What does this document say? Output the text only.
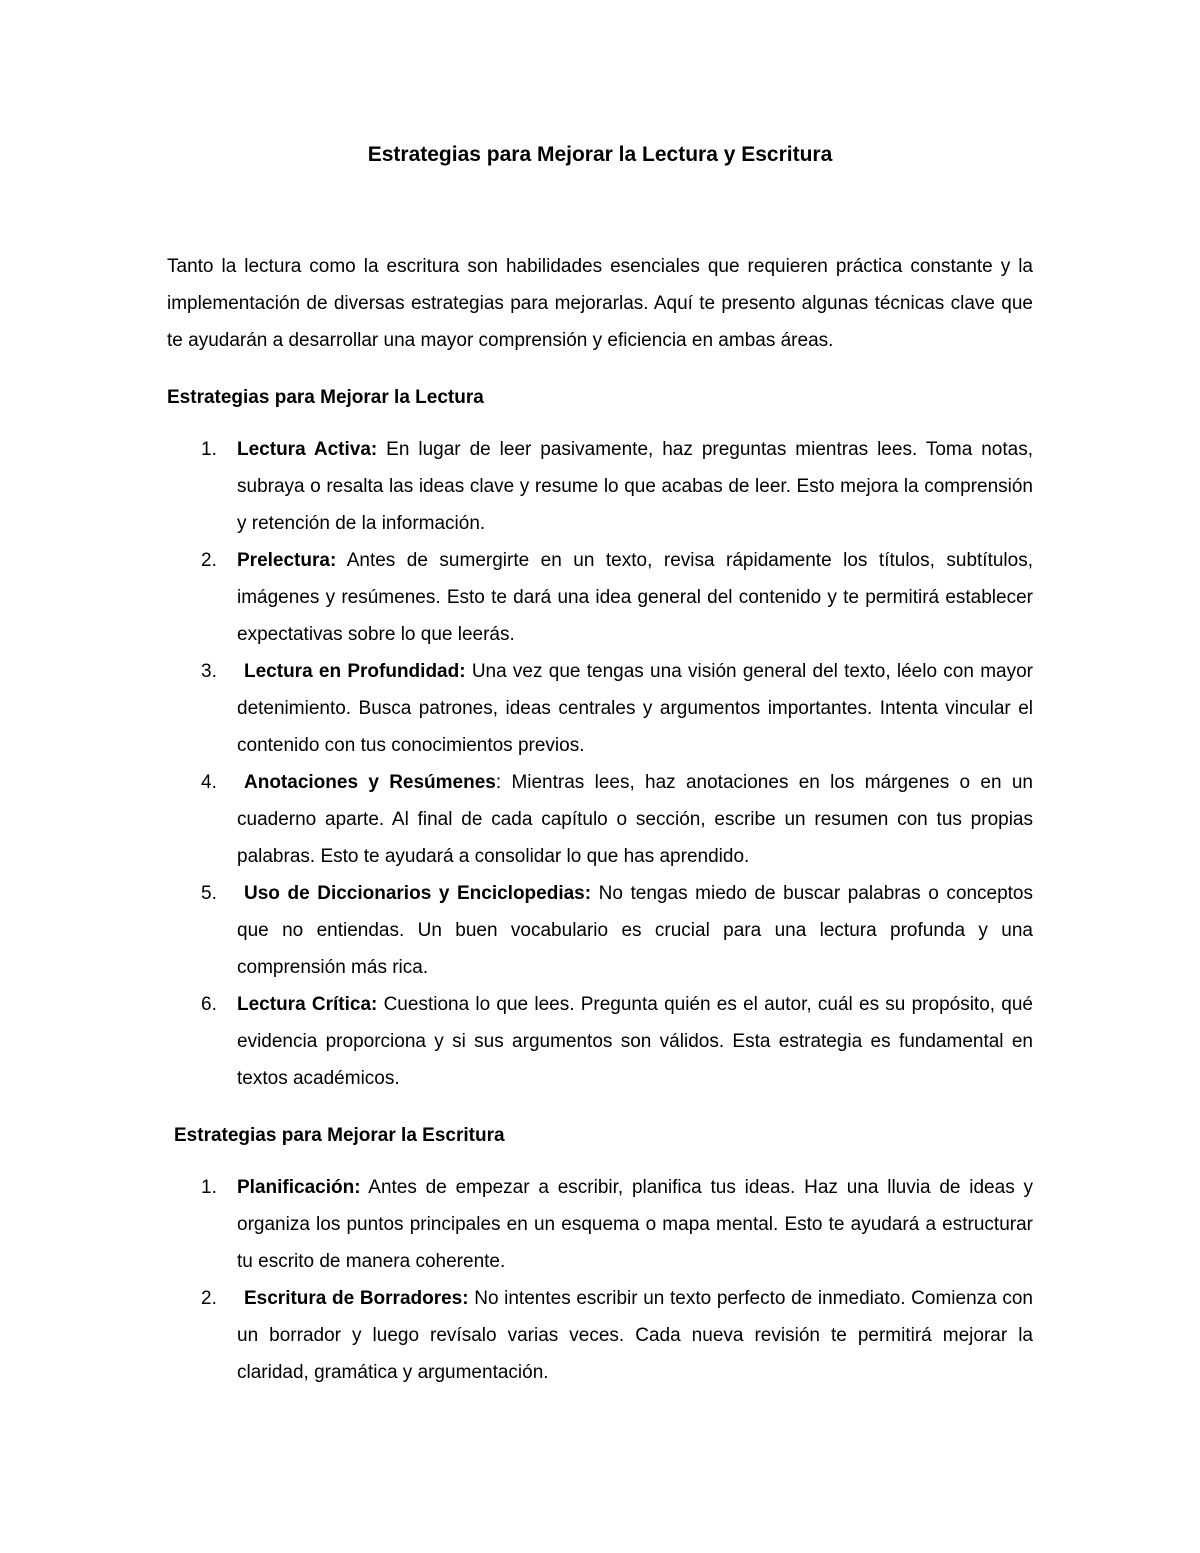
Estrategias para Mejorar la Lectura y Escritura

Tanto la lectura como la escritura son habilidades esenciales que requieren práctica constante y la implementación de diversas estrategias para mejorarlas. Aquí te presento algunas técnicas clave que te ayudarán a desarrollar una mayor comprensión y eficiencia en ambas áreas.

Estrategias para Mejorar la Lectura
1. Lectura Activa: En lugar de leer pasivamente, haz preguntas mientras lees. Toma notas, subraya o resalta las ideas clave y resume lo que acabas de leer. Esto mejora la comprensión y retención de la información.
2. Prelectura: Antes de sumergirte en un texto, revisa rápidamente los títulos, subtítulos, imágenes y resúmenes. Esto te dará una idea general del contenido y te permitirá establecer expectativas sobre lo que leerás.
3. Lectura en Profundidad: Una vez que tengas una visión general del texto, léelo con mayor detenimiento. Busca patrones, ideas centrales y argumentos importantes. Intenta vincular el contenido con tus conocimientos previos.
4. Anotaciones y Resúmenes: Mientras lees, haz anotaciones en los márgenes o en un cuaderno aparte. Al final de cada capítulo o sección, escribe un resumen con tus propias palabras. Esto te ayudará a consolidar lo que has aprendido.
5. Uso de Diccionarios y Enciclopedias: No tengas miedo de buscar palabras o conceptos que no entiendas. Un buen vocabulario es crucial para una lectura profunda y una comprensión más rica.
6. Lectura Crítica: Cuestiona lo que lees. Pregunta quién es el autor, cuál es su propósito, qué evidencia proporciona y si sus argumentos son válidos. Esta estrategia es fundamental en textos académicos.
Estrategias para Mejorar la Escritura
1. Planificación: Antes de empezar a escribir, planifica tus ideas. Haz una lluvia de ideas y organiza los puntos principales en un esquema o mapa mental. Esto te ayudará a estructurar tu escrito de manera coherente.
2. Escritura de Borradores: No intentes escribir un texto perfecto de inmediato. Comienza con un borrador y luego revísalo varias veces. Cada nueva revisión te permitirá mejorar la claridad, gramática y argumentación.
